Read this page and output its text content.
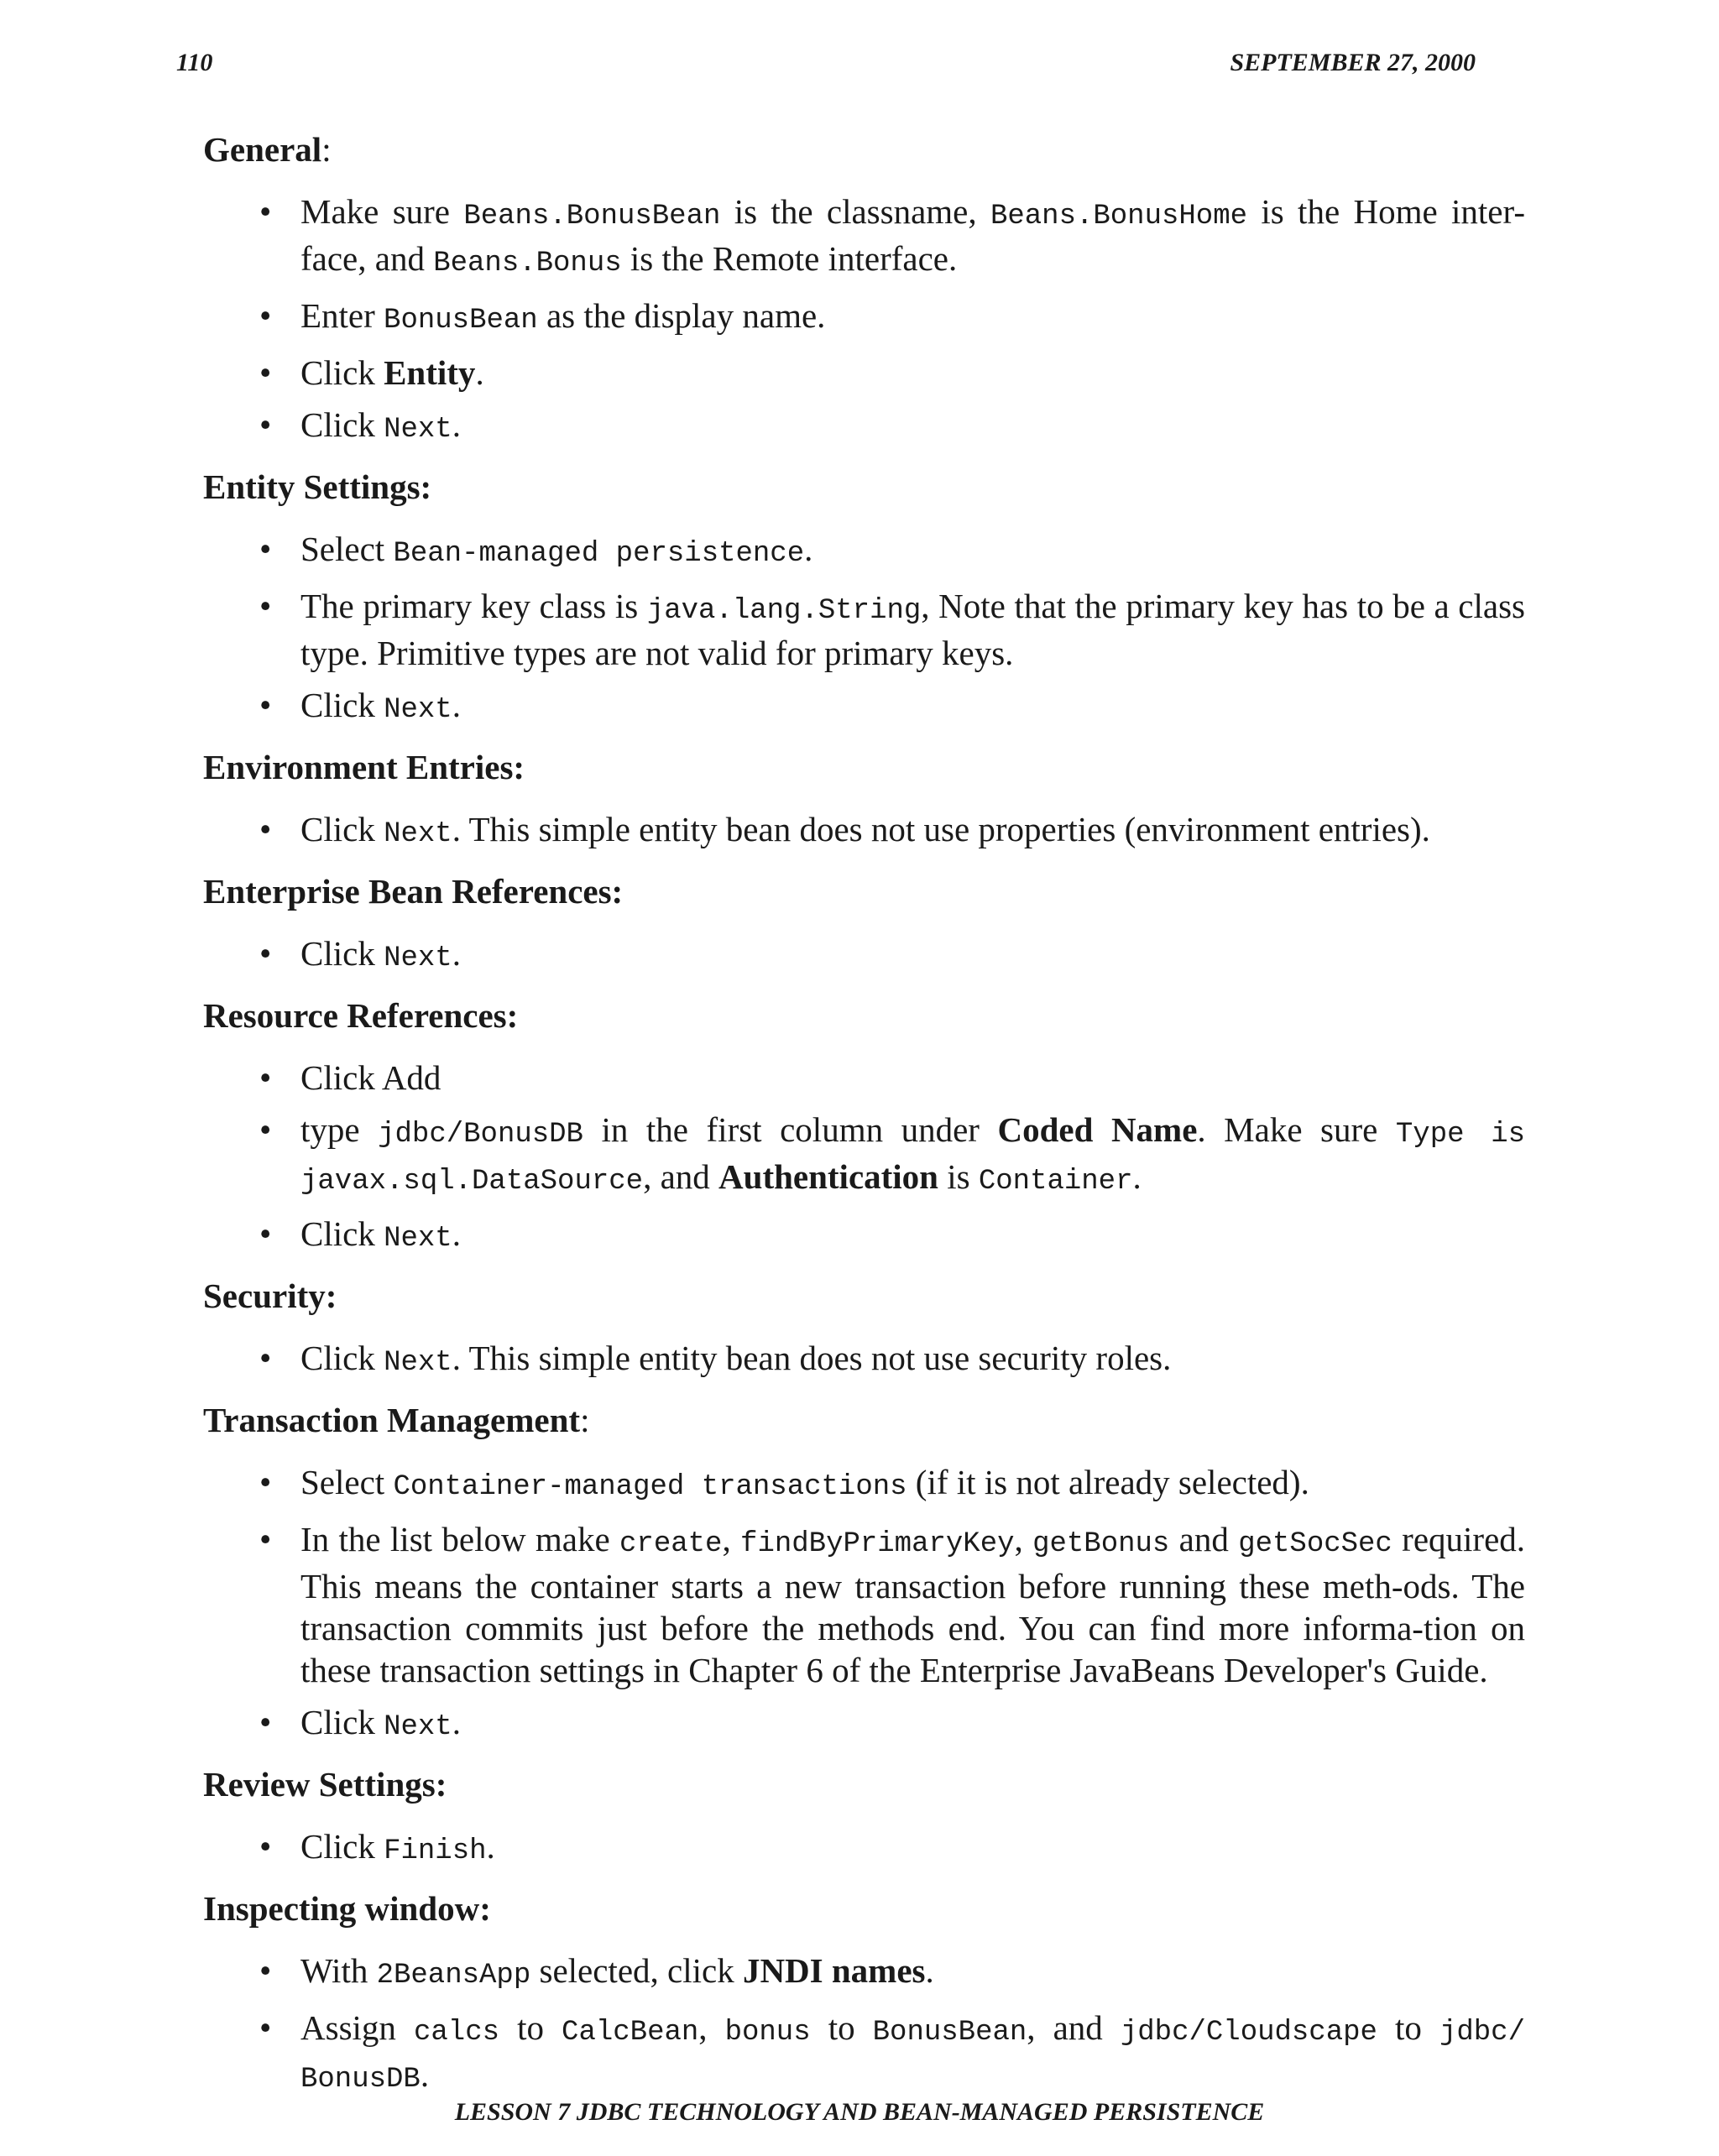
110	SEPTEMBER 27, 2000
General:
• Make sure Beans.BonusBean is the classname, Beans.BonusHome is the Home inter-face, and Beans.Bonus is the Remote interface.
• Enter BonusBean as the display name.
• Click Entity.
• Click Next.
Entity Settings:
• Select Bean-managed persistence.
• The primary key class is java.lang.String, Note that the primary key has to be a class type. Primitive types are not valid for primary keys.
• Click Next.
Environment Entries:
• Click Next. This simple entity bean does not use properties (environment entries).
Enterprise Bean References:
• Click Next.
Resource References:
• Click Add
• type jdbc/BonusDB in the first column under Coded Name. Make sure Type is javax.sql.DataSource, and Authentication is Container.
• Click Next.
Security:
• Click Next. This simple entity bean does not use security roles.
Transaction Management:
• Select Container-managed transactions (if it is not already selected).
• In the list below make create, findByPrimaryKey, getBonus and getSocSec required. This means the container starts a new transaction before running these meth-ods. The transaction commits just before the methods end. You can find more informa-tion on these transaction settings in Chapter 6 of the Enterprise JavaBeans Developer's Guide.
• Click Next.
Review Settings:
• Click Finish.
Inspecting window:
• With 2BeansApp selected, click JNDI names.
• Assign calcs to CalcBean, bonus to BonusBean, and jdbc/Cloudscape to jdbc/ BonusDB.
LESSON 7 JDBC TECHNOLOGY AND BEAN-MANAGED PERSISTENCE
